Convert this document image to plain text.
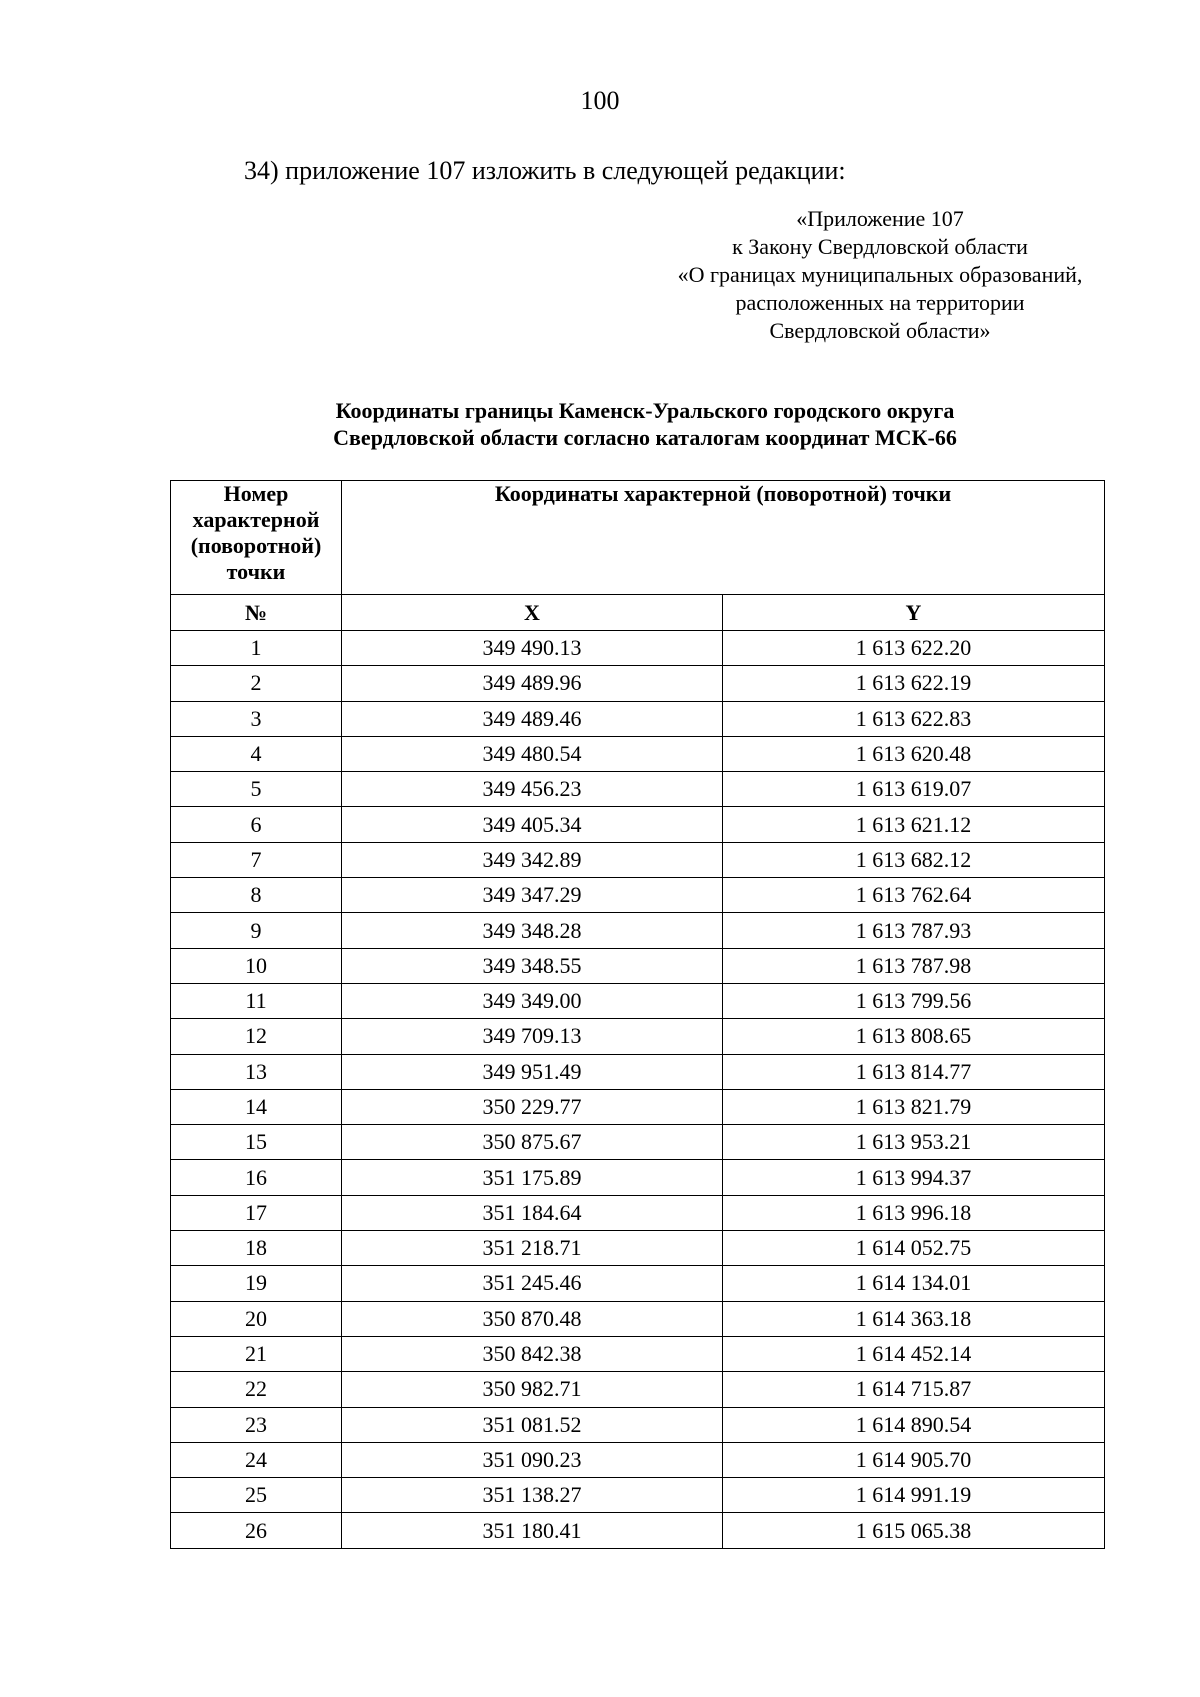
100
34) приложение 107 изложить в следующей редакции:
«Приложение 107
к Закону Свердловской области
«О границах муниципальных образований,
расположенных на территории
Свердловской области»
Координаты границы Каменск-Уральского городского округа
Свердловской области согласно каталогам координат МСК-66
Номер
характерной
(поворотной)
точки	Координаты характерной (поворотной) точки	
№	X	Y
1	349 490.13	1 613 622.20
2	349 489.96	1 613 622.19
3	349 489.46	1 613 622.83
4	349 480.54	1 613 620.48
5	349 456.23	1 613 619.07
6	349 405.34	1 613 621.12
7	349 342.89	1 613 682.12
8	349 347.29	1 613 762.64
9	349 348.28	1 613 787.93
10	349 348.55	1 613 787.98
11	349 349.00	1 613 799.56
12	349 709.13	1 613 808.65
13	349 951.49	1 613 814.77
14	350 229.77	1 613 821.79
15	350 875.67	1 613 953.21
16	351 175.89	1 613 994.37
17	351 184.64	1 613 996.18
18	351 218.71	1 614 052.75
19	351 245.46	1 614 134.01
20	350 870.48	1 614 363.18
21	350 842.38	1 614 452.14
22	350 982.71	1 614 715.87
23	351 081.52	1 614 890.54
24	351 090.23	1 614 905.70
25	351 138.27	1 614 991.19
26	351 180.41	1 615 065.38
